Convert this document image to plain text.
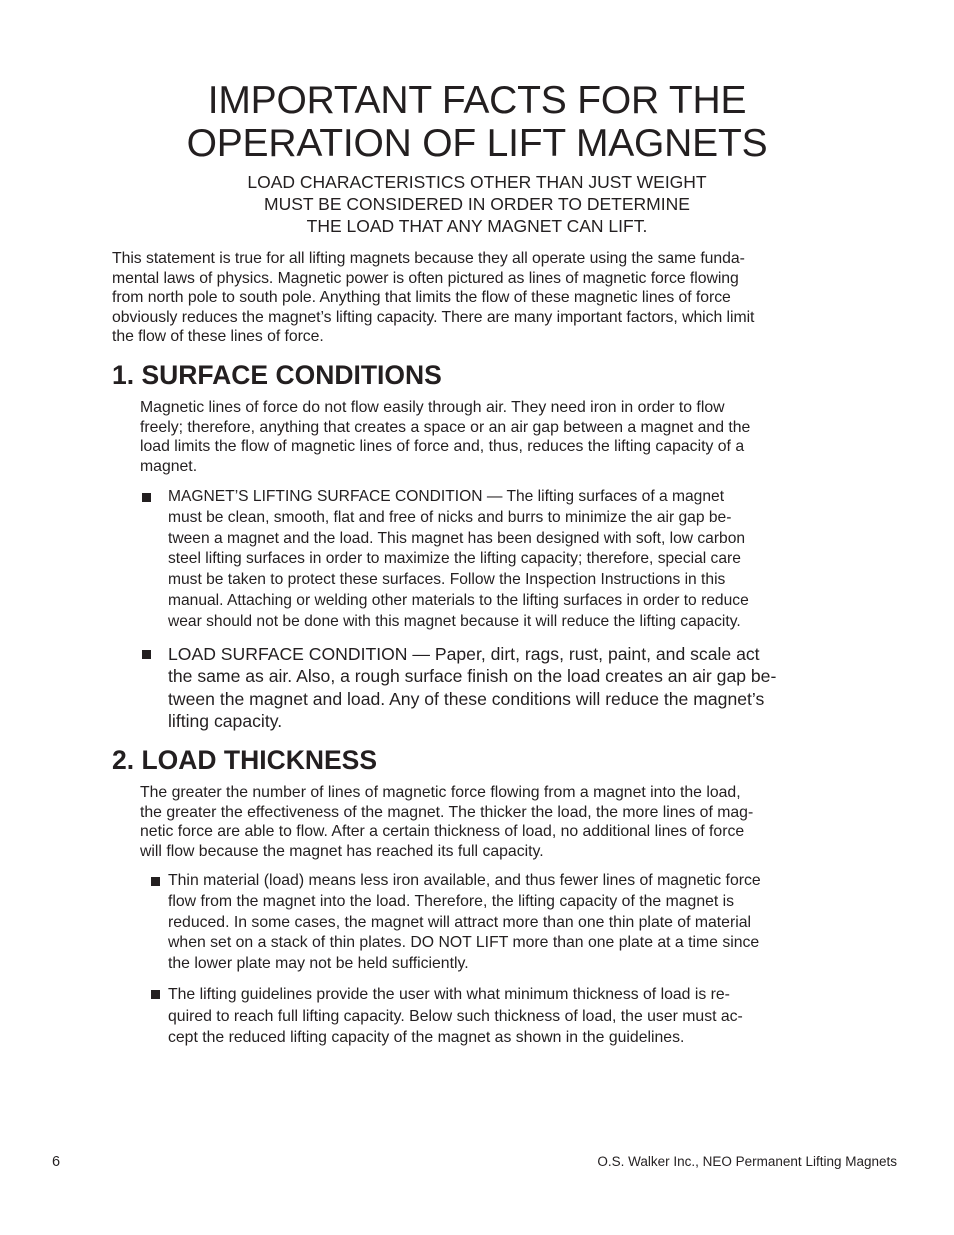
IMPORTANT FACTS FOR THE
OPERATION OF LIFT MAGNETS
LOAD CHARACTERISTICS OTHER THAN JUST WEIGHT
MUST BE CONSIDERED IN ORDER TO DETERMINE
THE LOAD THAT ANY MAGNET CAN LIFT.
This statement is true for all lifting magnets because they all operate using the same funda-
mental laws of physics. Magnetic power is often pictured as lines of magnetic force flowing
from north pole to south pole. Anything that limits the flow of these magnetic lines of force
obviously reduces the magnet’s lifting capacity. There are many important factors, which limit
the flow of these lines of force.
1. SURFACE CONDITIONS
Magnetic lines of force do not flow easily through air. They need iron in order to flow
freely; therefore, anything that creates a space or an air gap between a magnet and the
load limits the flow of magnetic lines of force and, thus, reduces the lifting capacity of a
magnet.
MAGNET’S LIFTING SURFACE CONDITION — The lifting surfaces of a magnet
must be clean, smooth, flat and free of nicks and burrs to minimize the air gap be-
tween a magnet and the load. This magnet has been designed with soft, low carbon
steel lifting surfaces in order to maximize the lifting capacity; therefore, special care
must be taken to protect these surfaces. Follow the Inspection Instructions in this
manual. Attaching or welding other materials to the lifting surfaces in order to reduce
wear should not be done with this magnet because it will reduce the lifting capacity.
LOAD SURFACE CONDITION — Paper, dirt, rags, rust, paint, and scale act
the same as air. Also, a rough surface finish on the load creates an air gap be-
tween the magnet and load. Any of these conditions will reduce the magnet’s
lifting capacity.
2. LOAD THICKNESS
The greater the number of lines of magnetic force flowing from a magnet into the load,
the greater the effectiveness of the magnet. The thicker the load, the more lines of mag-
netic force are able to flow. After a certain thickness of load, no additional lines of force
will flow because the magnet has reached its full capacity.
Thin material (load) means less iron available, and thus fewer lines of magnetic force
flow from the magnet into the load. Therefore, the lifting capacity of the magnet is
reduced. In some cases, the magnet will attract more than one thin plate of material
when set on a stack of thin plates. DO NOT LIFT more than one plate at a time since
the lower plate may not be held sufficiently.
The lifting guidelines provide the user with what minimum thickness of load is re-
quired to reach full lifting capacity. Below such thickness of load, the user must ac-
cept the reduced lifting capacity of the magnet as shown in the guidelines.

6	O.S. Walker Inc., NEO Permanent Lifting Magnets
